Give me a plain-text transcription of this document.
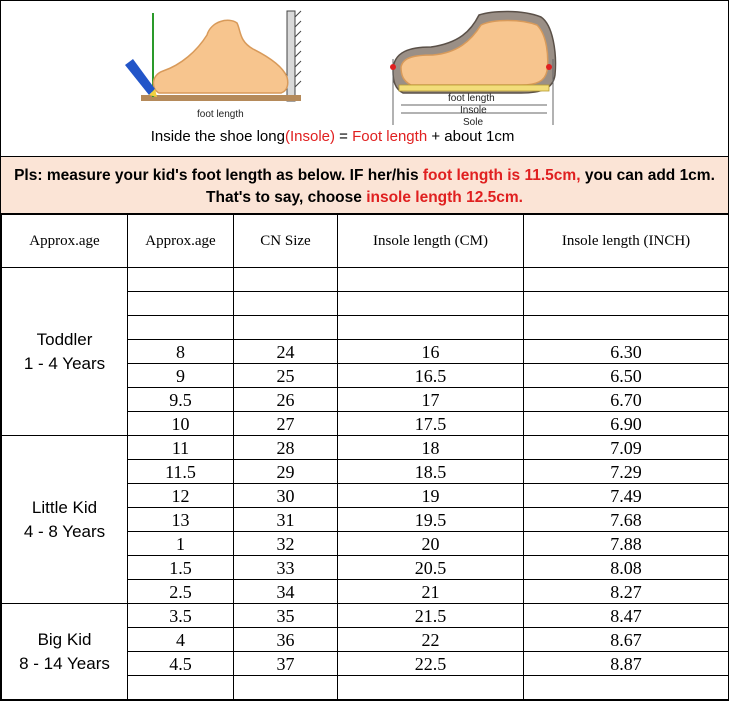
foot length
foot length
Insole
Sole
Inside the shoe long(Insole) = Foot length + about 1cm

Pls: measure your kid's foot length as below. IF her/his foot length is 11.5cm, you can add 1cm. That's to say, choose insole length 12.5cm.

Approx.age	Approx.age	CN Size	Insole length (CM)	Insole length (INCH)

Toddler
1 - 4 Years				

	8	24	16	6.30
	9	25	16.5	6.50
	9.5	26	17	6.70
	10	27	17.5	6.90

Little Kid
4 - 8 Years	11	28	18	7.09
	11.5	29	18.5	7.29
	12	30	19	7.49
	13	31	19.5	7.68
	1	32	20	7.88
	1.5	33	20.5	8.08
	2.5	34	21	8.27

Big Kid
8 - 14 Years	3.5	35	21.5	8.47
	4	36	22	8.67
	4.5	37	22.5	8.87
